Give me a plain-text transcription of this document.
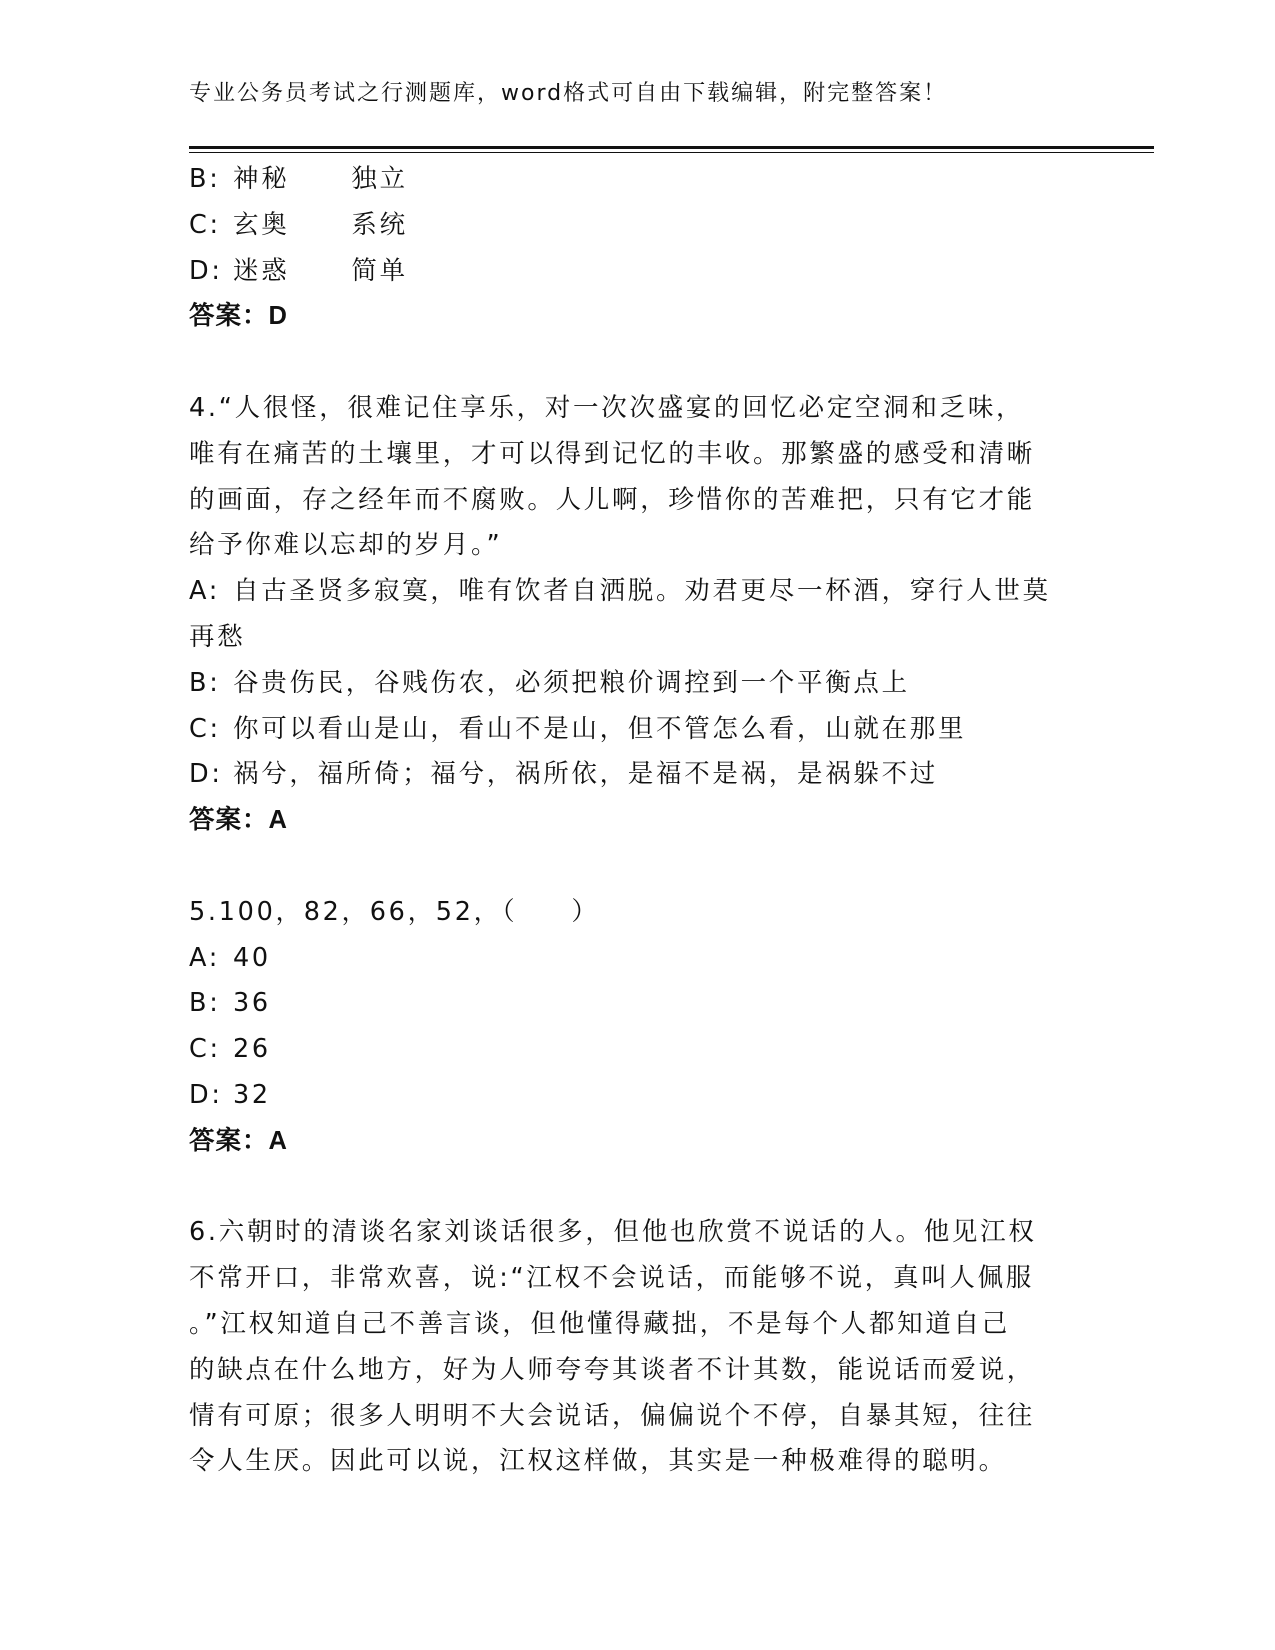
专业公务员考试之行测题库，word格式可自由下载编辑，附完整答案！
B: 神秘 独立
C: 玄奥 系统
D: 迷惑 简单
答案：D
4.“人很怪，很难记住享乐，对一次次盛宴的回忆必定空洞和乏味，
唯有在痛苦的土壤里，才可以得到记忆的丰收。那繁盛的感受和清晰
的画面，存之经年而不腐败。人儿啊，珍惜你的苦难把，只有它才能
给予你难以忘却的岁月。”
A: 自古圣贤多寂寞，唯有饮者自洒脱。劝君更尽一杯酒，穿行人世莫
再愁
B: 谷贵伤民，谷贱伤农，必须把粮价调控到一个平衡点上
C: 你可以看山是山，看山不是山，但不管怎么看，山就在那里
D: 祸兮，福所倚；福兮，祸所依，是福不是祸，是祸躲不过
答案：A
5.100，82，66，52，（     ）
A: 40
B: 36
C: 26
D: 32
答案：A
6.六朝时的清谈名家刘谈话很多，但他也欣赏不说话的人。他见江权
不常开口，非常欢喜，说:“江权不会说话，而能够不说，真叫人佩服
。”江权知道自己不善言谈，但他懂得藏拙，不是每个人都知道自己
的缺点在什么地方，好为人师夸夸其谈者不计其数，能说话而爱说，
情有可原；很多人明明不大会说话，偏偏说个不停，自暴其短，往往
令人生厌。因此可以说，江权这样做，其实是一种极难得的聪明。
